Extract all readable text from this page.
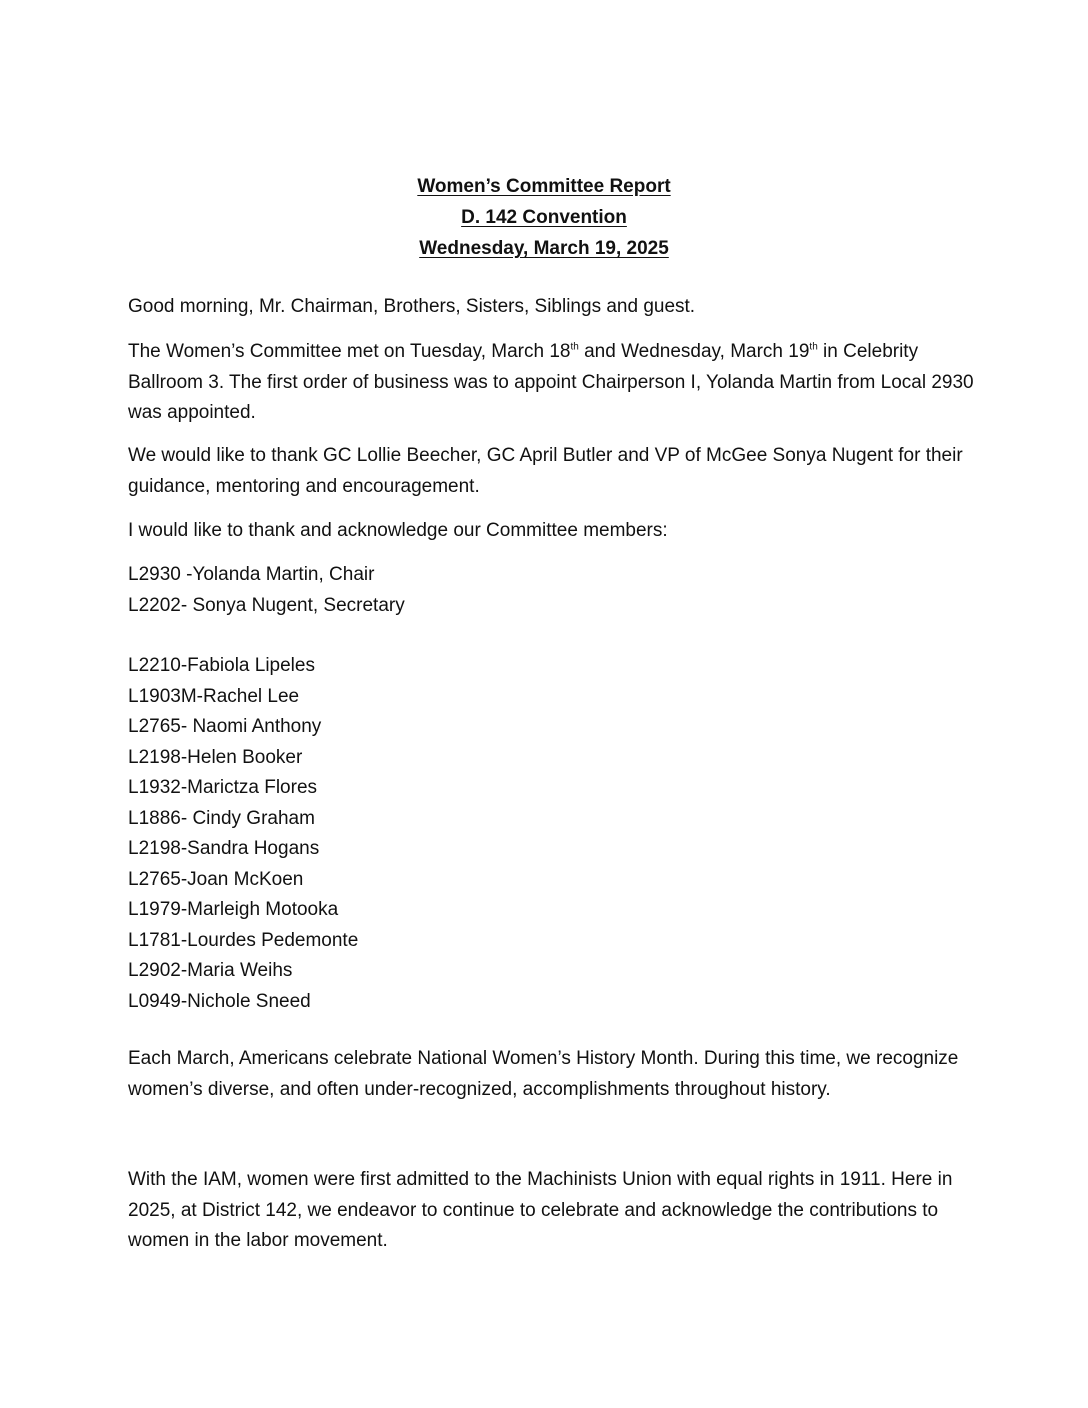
Women’s Committee Report
D. 142 Convention
Wednesday, March 19, 2025

Good morning, Mr. Chairman, Brothers, Sisters, Siblings and guest.

The Women’s Committee met on Tuesday, March 18th and Wednesday, March 19th in Celebrity Ballroom 3. The first order of business was to appoint Chairperson I, Yolanda Martin from Local 2930 was appointed.

We would like to thank GC Lollie Beecher, GC April Butler and VP of McGee Sonya Nugent for their guidance, mentoring and encouragement.

I would like to thank and acknowledge our Committee members:

L2930 -Yolanda Martin, Chair
L2202- Sonya Nugent, Secretary
L2210-Fabiola Lipeles
L1903M-Rachel Lee
L2765- Naomi Anthony
L2198-Helen Booker
L1932-Marictza Flores
L1886- Cindy Graham
L2198-Sandra Hogans
L2765-Joan McKoen
L1979-Marleigh Motooka
L1781-Lourdes Pedemonte
L2902-Maria Weihs
L0949-Nichole Sneed

Each March, Americans celebrate National Women’s History Month. During this time, we recognize women’s diverse, and often under-recognized, accomplishments throughout history.

With the IAM, women were first admitted to the Machinists Union with equal rights in 1911. Here in 2025, at District 142, we endeavor to continue to celebrate and acknowledge the contributions to women in the labor movement.
